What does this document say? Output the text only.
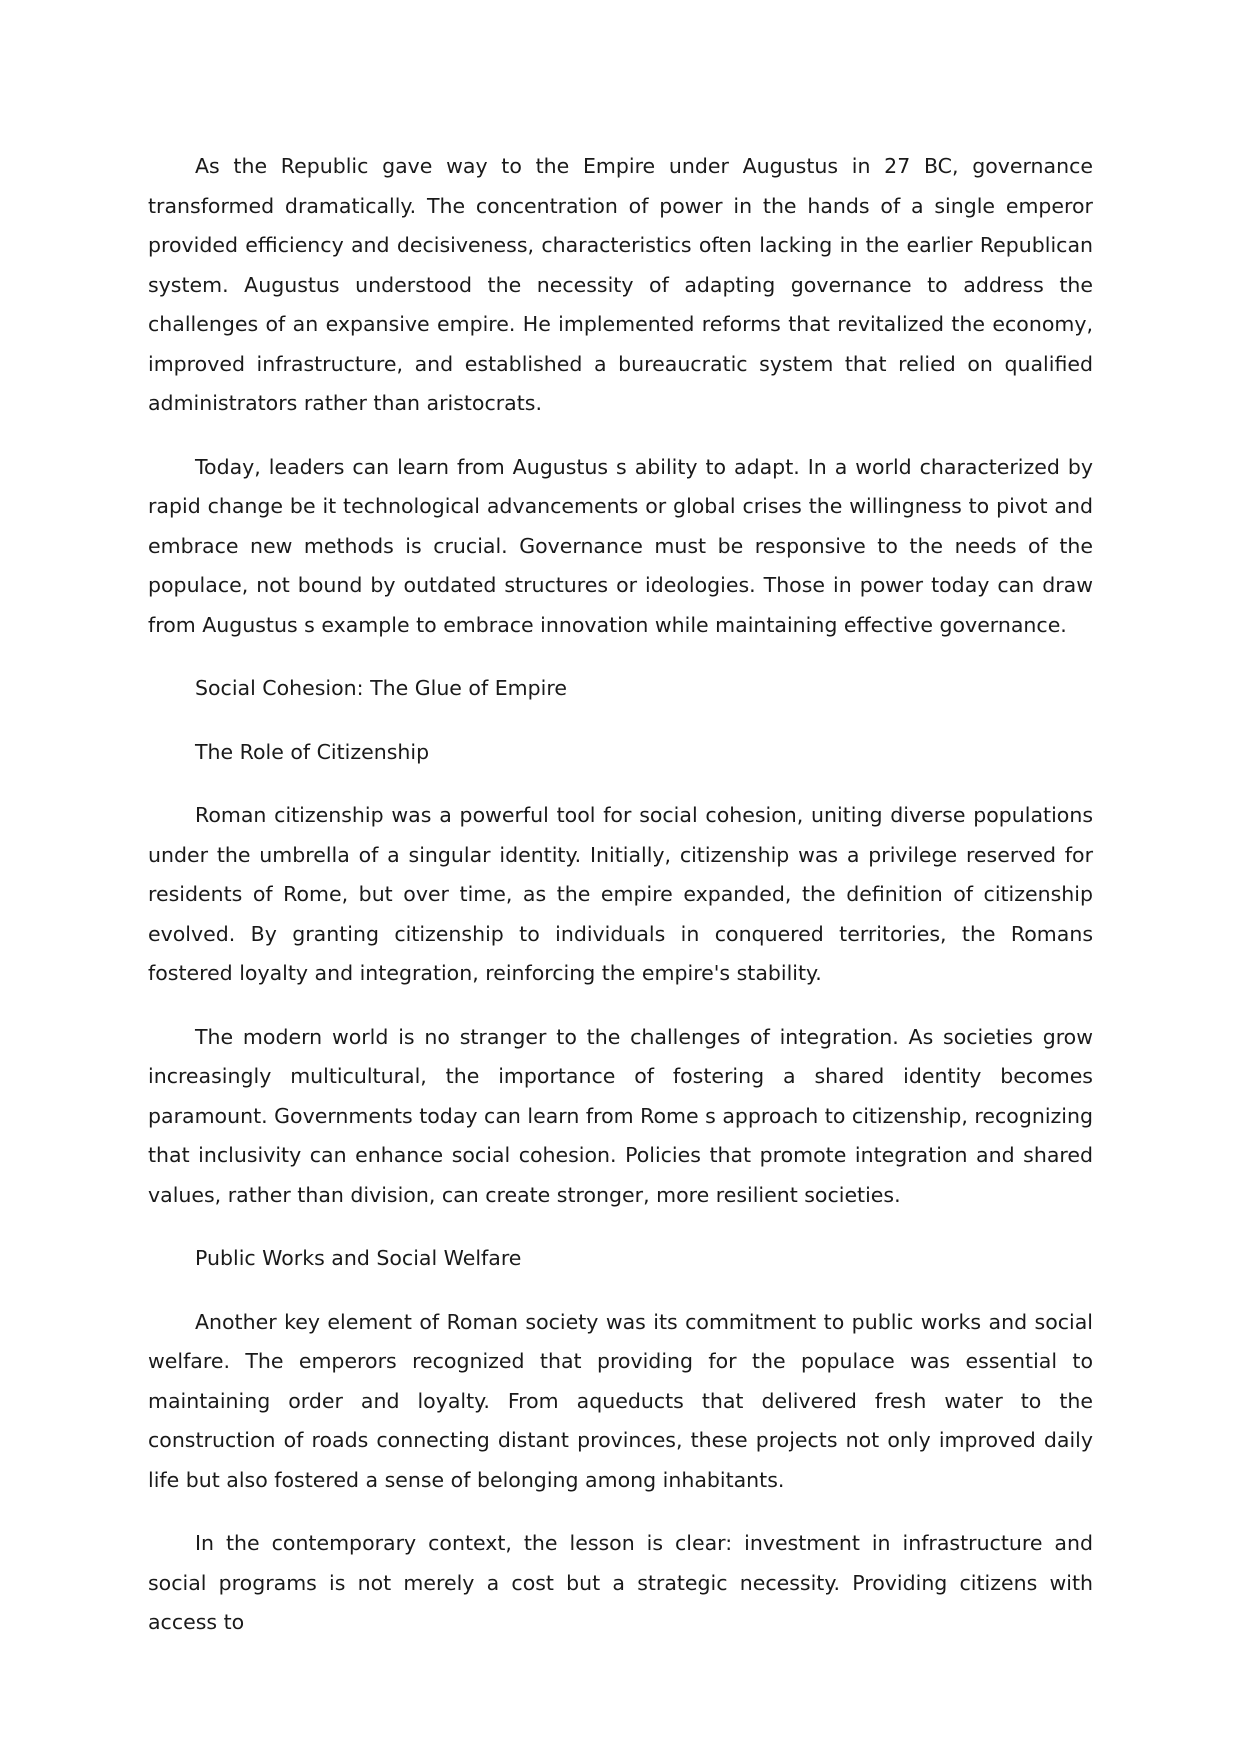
As the Republic gave way to the Empire under Augustus in 27 BC, governance transformed dramatically. The concentration of power in the hands of a single emperor provided efficiency and decisiveness, characteristics often lacking in the earlier Republican system. Augustus understood the necessity of adapting governance to address the challenges of an expansive empire. He implemented reforms that revitalized the economy, improved infrastructure, and established a bureaucratic system that relied on qualified administrators rather than aristocrats.

Today, leaders can learn from Augustus s ability to adapt. In a world characterized by rapid change be it technological advancements or global crises the willingness to pivot and embrace new methods is crucial. Governance must be responsive to the needs of the populace, not bound by outdated structures or ideologies. Those in power today can draw from Augustus s example to embrace innovation while maintaining effective governance.

Social Cohesion: The Glue of Empire

The Role of Citizenship

Roman citizenship was a powerful tool for social cohesion, uniting diverse populations under the umbrella of a singular identity. Initially, citizenship was a privilege reserved for residents of Rome, but over time, as the empire expanded, the definition of citizenship evolved. By granting citizenship to individuals in conquered territories, the Romans fostered loyalty and integration, reinforcing the empire's stability.

The modern world is no stranger to the challenges of integration. As societies grow increasingly multicultural, the importance of fostering a shared identity becomes paramount. Governments today can learn from Rome s approach to citizenship, recognizing that inclusivity can enhance social cohesion. Policies that promote integration and shared values, rather than division, can create stronger, more resilient societies.

Public Works and Social Welfare

Another key element of Roman society was its commitment to public works and social welfare. The emperors recognized that providing for the populace was essential to maintaining order and loyalty. From aqueducts that delivered fresh water to the construction of roads connecting distant provinces, these projects not only improved daily life but also fostered a sense of belonging among inhabitants.

In the contemporary context, the lesson is clear: investment in infrastructure and social programs is not merely a cost but a strategic necessity. Providing citizens with access to
